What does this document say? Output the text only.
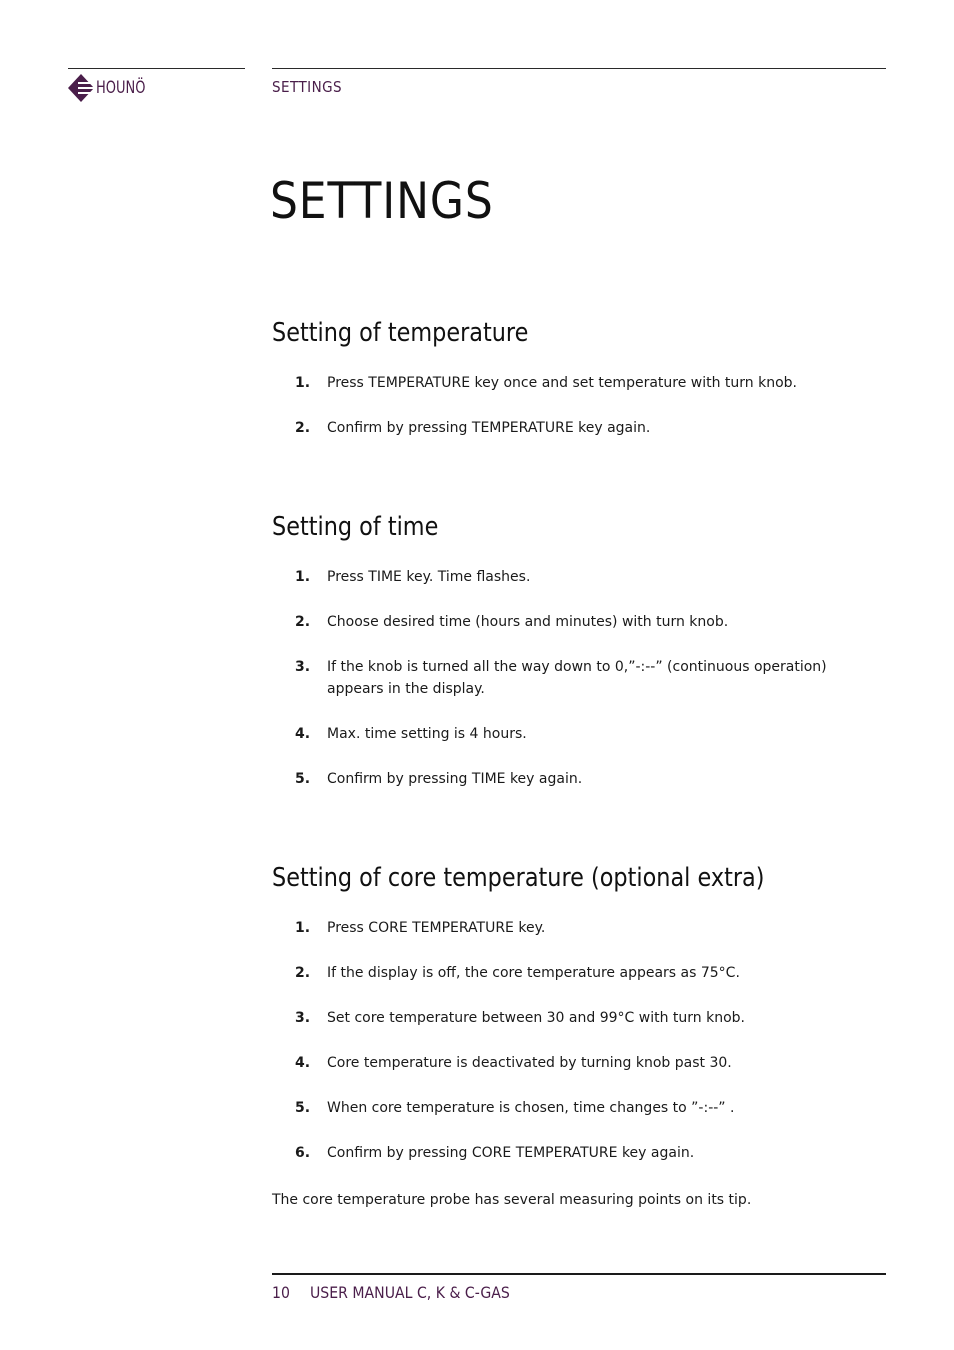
HOUNÖ	SETTINGS
SETTINGS
Setting of temperature
1. Press TEMPERATURE key once and set temperature with turn knob.
2. Confirm by pressing TEMPERATURE key again.
Setting of time
1. Press TIME key. Time flashes.
2. Choose desired time (hours and minutes) with turn knob.
3. If the knob is turned all the way down to 0,”-:--” (continuous operation) appears in the display.
4. Max. time setting is 4 hours.
5. Confirm by pressing TIME key again.
Setting of core temperature (optional extra)
1. Press CORE TEMPERATURE key.
2. If the display is off, the core temperature appears as 75°C.
3. Set core temperature between 30 and 99°C with turn knob.
4. Core temperature is deactivated by turning knob past 30.
5. When core temperature is chosen, time changes to ”-:--” .
6. Confirm by pressing CORE TEMPERATURE key again.
The core temperature probe has several measuring points on its tip.
10 USER MANUAL C, K & C-GAS
